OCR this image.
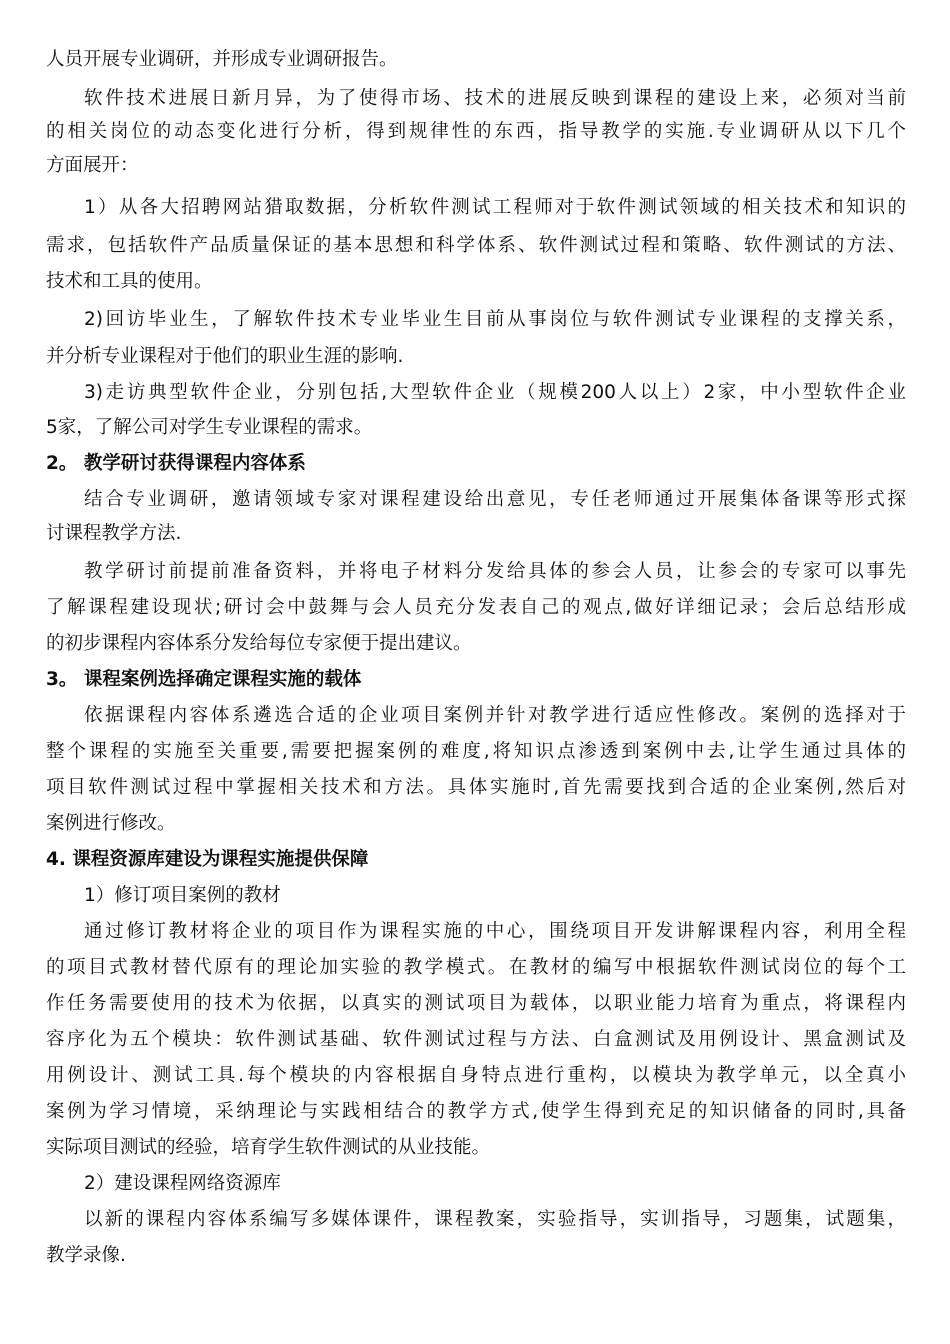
人员开展专业调研，并形成专业调研报告。
软件技术进展日新月异，为了使得市场、技术的进展反映到课程的建设上来，必须对当前
的相关岗位的动态变化进行分析，得到规律性的东西，指导教学的实施.专业调研从以下几个
方面展开：
1）从各大招聘网站猎取数据，分析软件测试工程师对于软件测试领域的相关技术和知识的
需求，包括软件产品质量保证的基本思想和科学体系、软件测试过程和策略、软件测试的方法、
技术和工具的使用。
2)回访毕业生，了解软件技术专业毕业生目前从事岗位与软件测试专业课程的支撑关系，
并分析专业课程对于他们的职业生涯的影响.
3)走访典型软件企业，分别包括,大型软件企业（规模200人以上）2家，中小型软件企业
5家，了解公司对学生专业课程的需求。
2。 教学研讨获得课程内容体系
结合专业调研，邀请领域专家对课程建设给出意见，专任老师通过开展集体备课等形式探
讨课程教学方法.
教学研讨前提前准备资料，并将电子材料分发给具体的参会人员，让参会的专家可以事先
了解课程建设现状;研讨会中鼓舞与会人员充分发表自己的观点,做好详细记录；会后总结形成
的初步课程内容体系分发给每位专家便于提出建议。
3。 课程案例选择确定课程实施的载体
依据课程内容体系遴选合适的企业项目案例并针对教学进行适应性修改。案例的选择对于
整个课程的实施至关重要,需要把握案例的难度,将知识点渗透到案例中去,让学生通过具体的
项目软件测试过程中掌握相关技术和方法。具体实施时,首先需要找到合适的企业案例,然后对
案例进行修改。
4. 课程资源库建设为课程实施提供保障
1）修订项目案例的教材
通过修订教材将企业的项目作为课程实施的中心，围绕项目开发讲解课程内容，利用全程
的项目式教材替代原有的理论加实验的教学模式。在教材的编写中根据软件测试岗位的每个工
作任务需要使用的技术为依据，以真实的测试项目为载体，以职业能力培育为重点，将课程内
容序化为五个模块：软件测试基础、软件测试过程与方法、白盒测试及用例设计、黑盒测试及
用例设计、测试工具.每个模块的内容根据自身特点进行重构，以模块为教学单元，以全真小
案例为学习情境，采纳理论与实践相结合的教学方式,使学生得到充足的知识储备的同时,具备
实际项目测试的经验，培育学生软件测试的从业技能。
2）建设课程网络资源库
以新的课程内容体系编写多媒体课件，课程教案，实验指导，实训指导，习题集，试题集，
教学录像.
